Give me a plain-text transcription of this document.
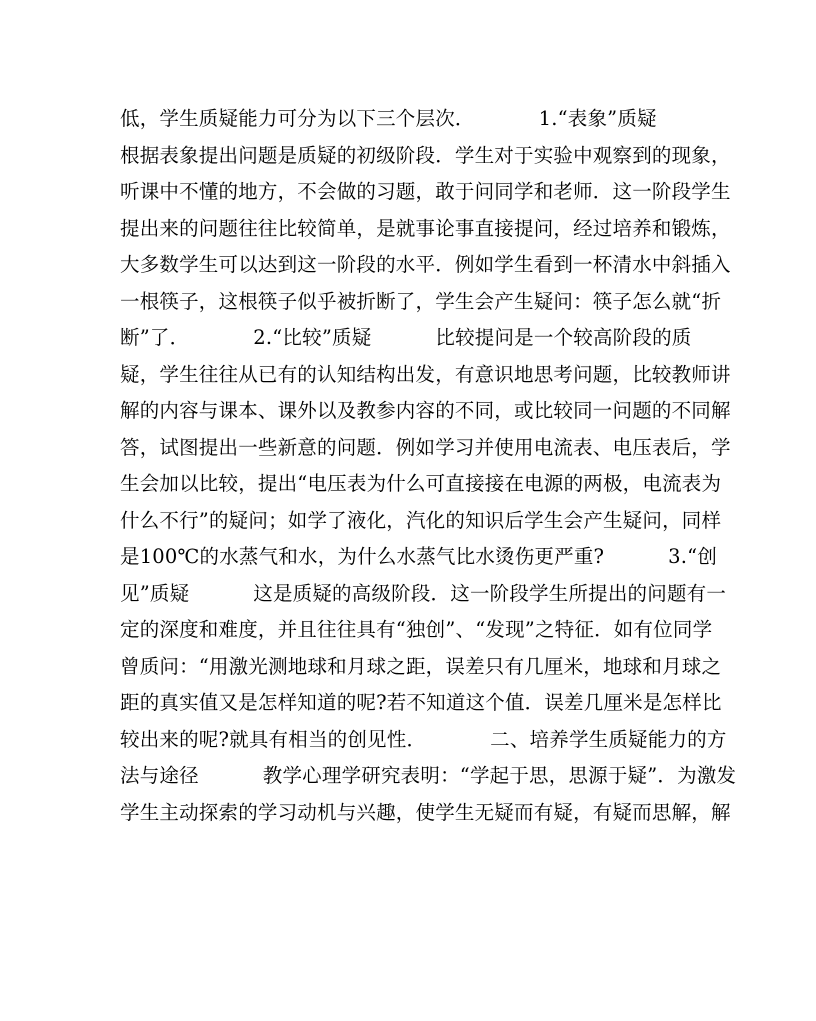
低，学生质疑能力可分为以下三个层次．          1.“表象”质疑
根据表象提出问题是质疑的初级阶段．学生对于实验中观察到的现象，
听课中不懂的地方，不会做的习题，敢于问同学和老师．这一阶段学生
提出来的问题往往比较简单，是就事论事直接提问，经过培养和锻炼，
大多数学生可以达到这一阶段的水平．例如学生看到一杯清水中斜插入
一根筷子，这根筷子似乎被折断了，学生会产生疑问：筷子怎么就“折
断”了．          2.“比较”质疑          比较提问是一个较高阶段的质
疑，学生往往从已有的认知结构出发，有意识地思考问题，比较教师讲
解的内容与课本、课外以及教参内容的不同，或比较同一问题的不同解
答，试图提出一些新意的问题．例如学习并使用电流表、电压表后，学
生会加以比较，提出“电压表为什么可直接接在电源的两极，电流表为
什么不行”的疑问；如学了液化，汽化的知识后学生会产生疑问，同样
是100℃的水蒸气和水，为什么水蒸气比水烫伤更严重?          3.“创
见”质疑          这是质疑的高级阶段．这一阶段学生所提出的问题有一
定的深度和难度，并且往往具有“独创”、“发现”之特征．如有位同学
曾质问：“用激光测地球和月球之距，误差只有几厘米，地球和月球之
距的真实值又是怎样知道的呢?若不知道这个值．误差几厘米是怎样比
较出来的呢?就具有相当的创见性．          二、培养学生质疑能力的方
法与途径          教学心理学研究表明：“学起于思，思源于疑”．为激发
学生主动探索的学习动机与兴趣，使学生无疑而有疑，有疑而思解，解
